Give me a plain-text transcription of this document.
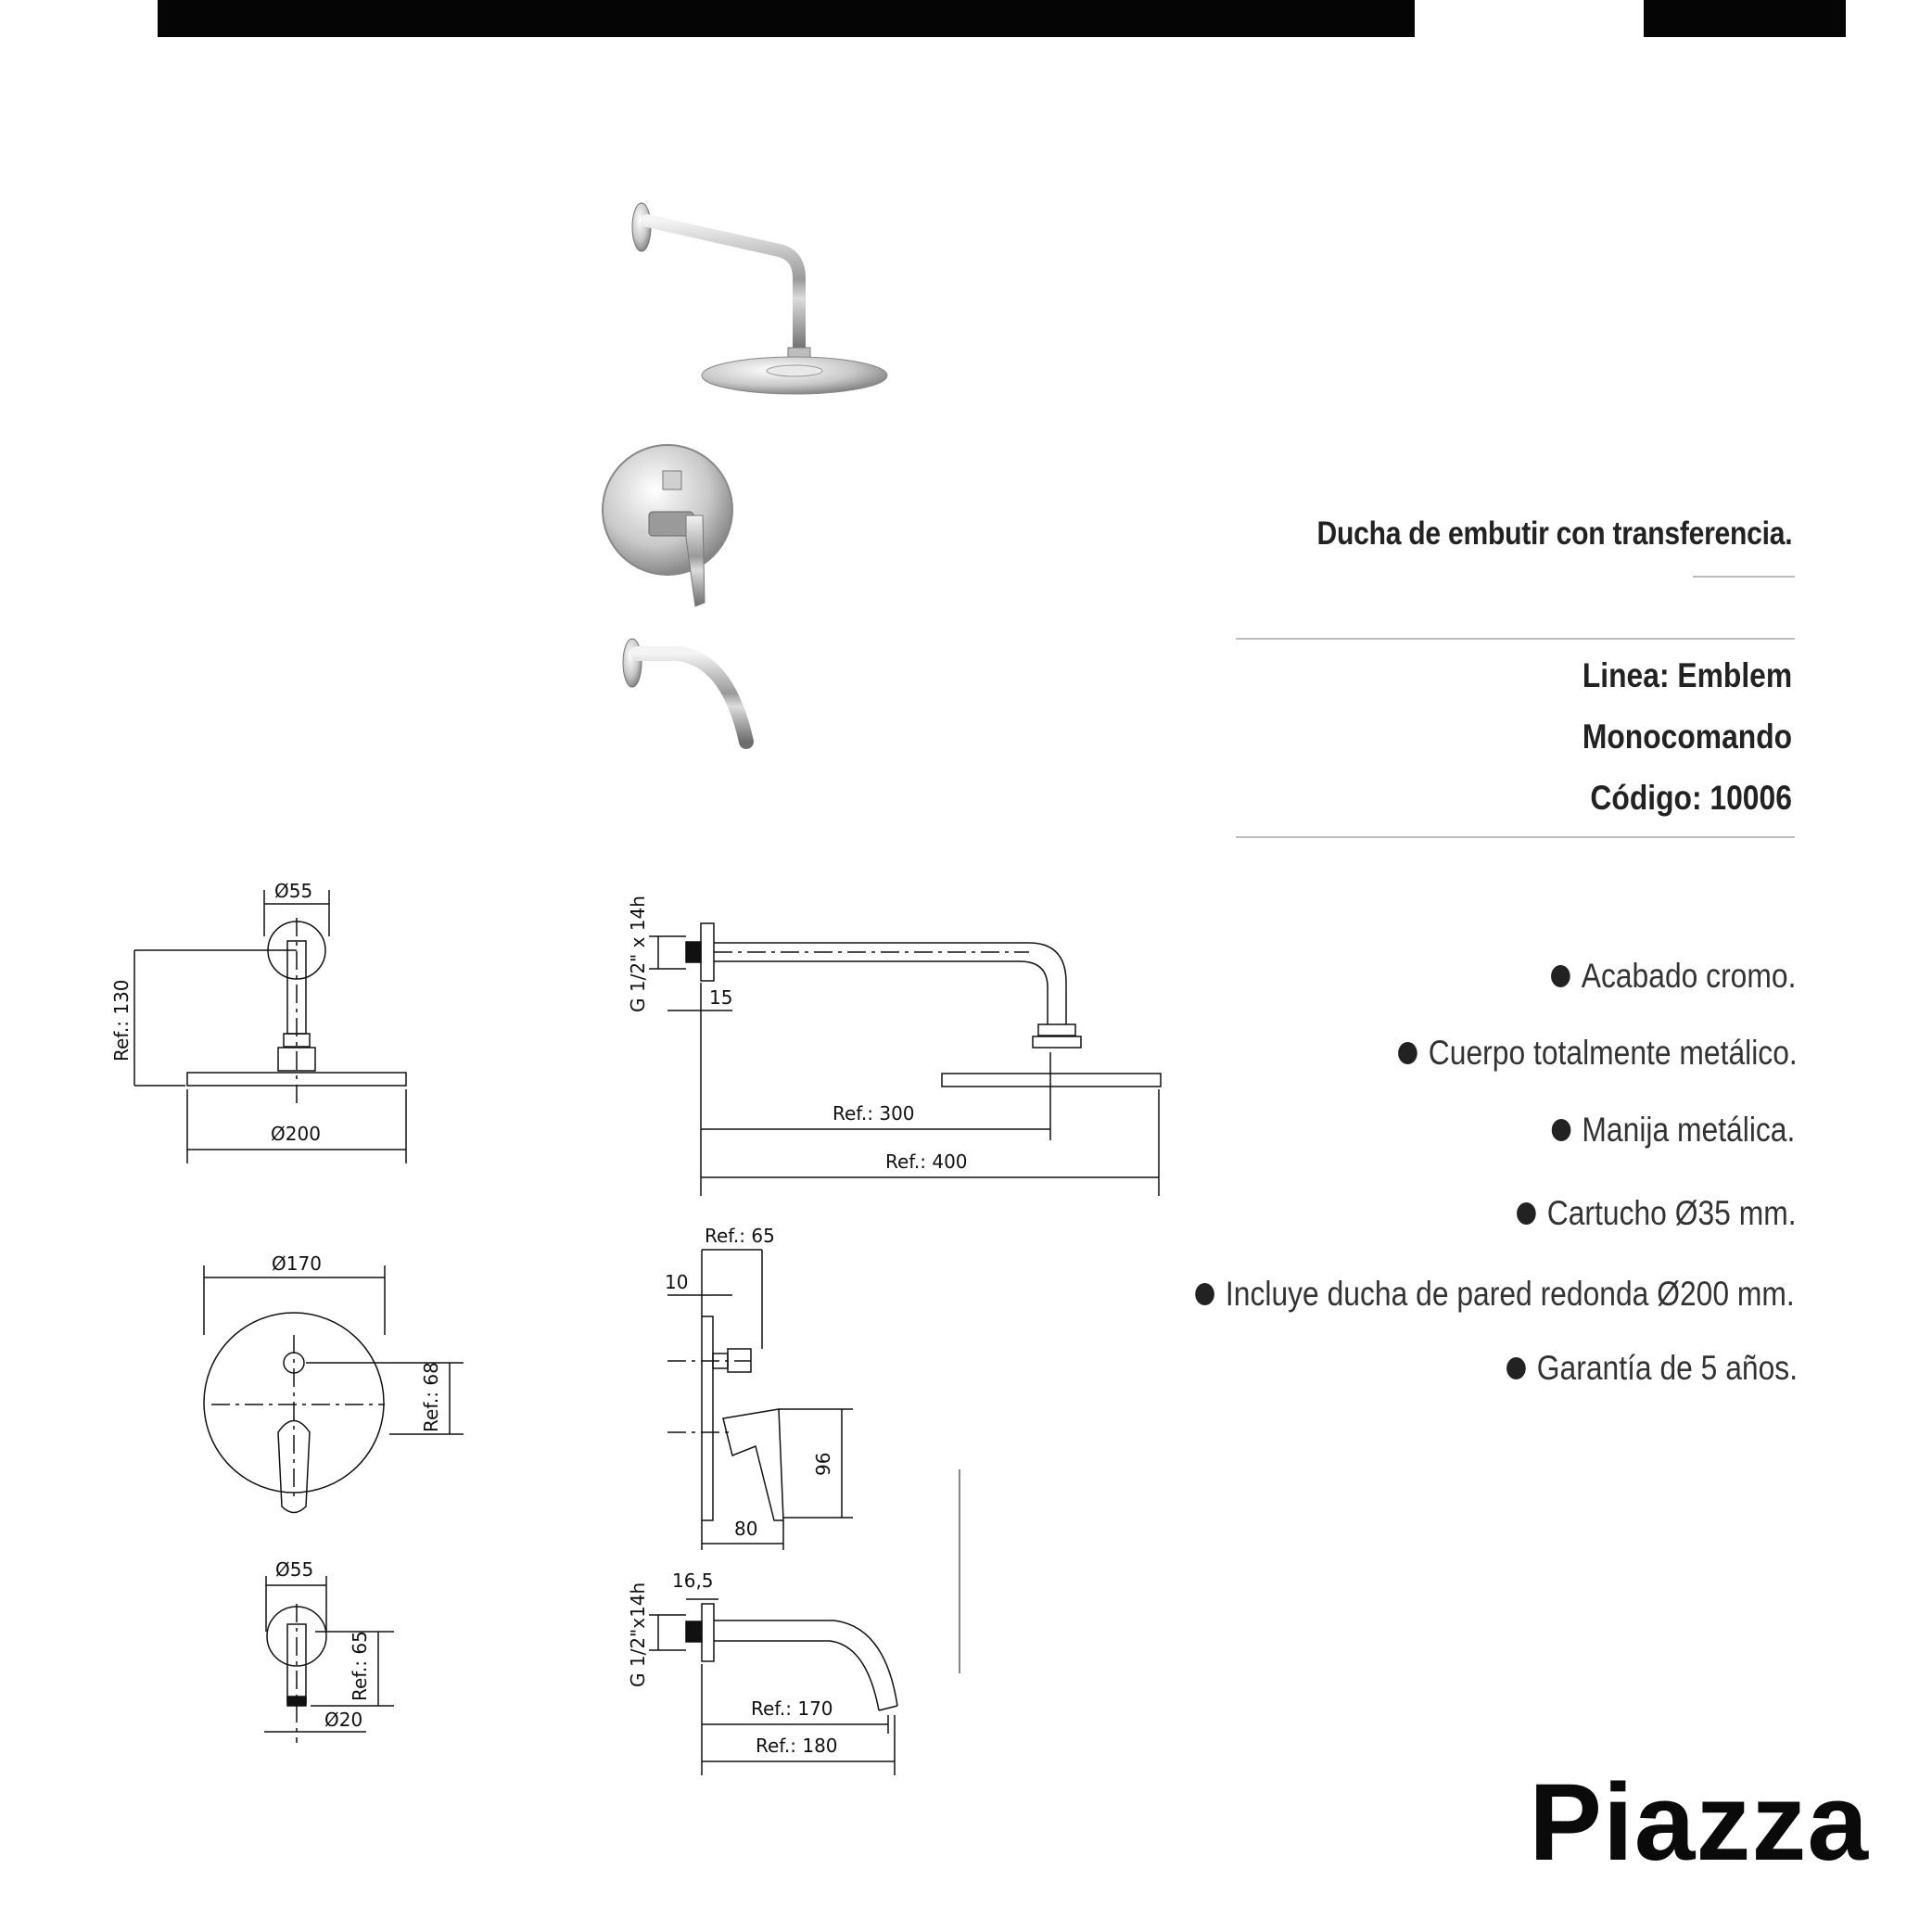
Ducha de embutir con transferencia.
Linea: Emblem
Monocomando
Código: 10006
Acabado cromo.
Cuerpo totalmente metálico.
Manija metálica.
Cartucho Ø35 mm.
Incluye ducha de pared redonda Ø200 mm.
Garantía de 5 años.
Ø55
Ref.: 130
Ø200
G 1/2" x 14h	15
Ref.: 300
Ref.: 400
Ø170
Ref.: 68
Ref.: 65
10
96
80
Ø55
Ref.: 65
Ø20
G 1/2"x14h
16,5
Ref.: 170
Ref.: 180
Piazza
